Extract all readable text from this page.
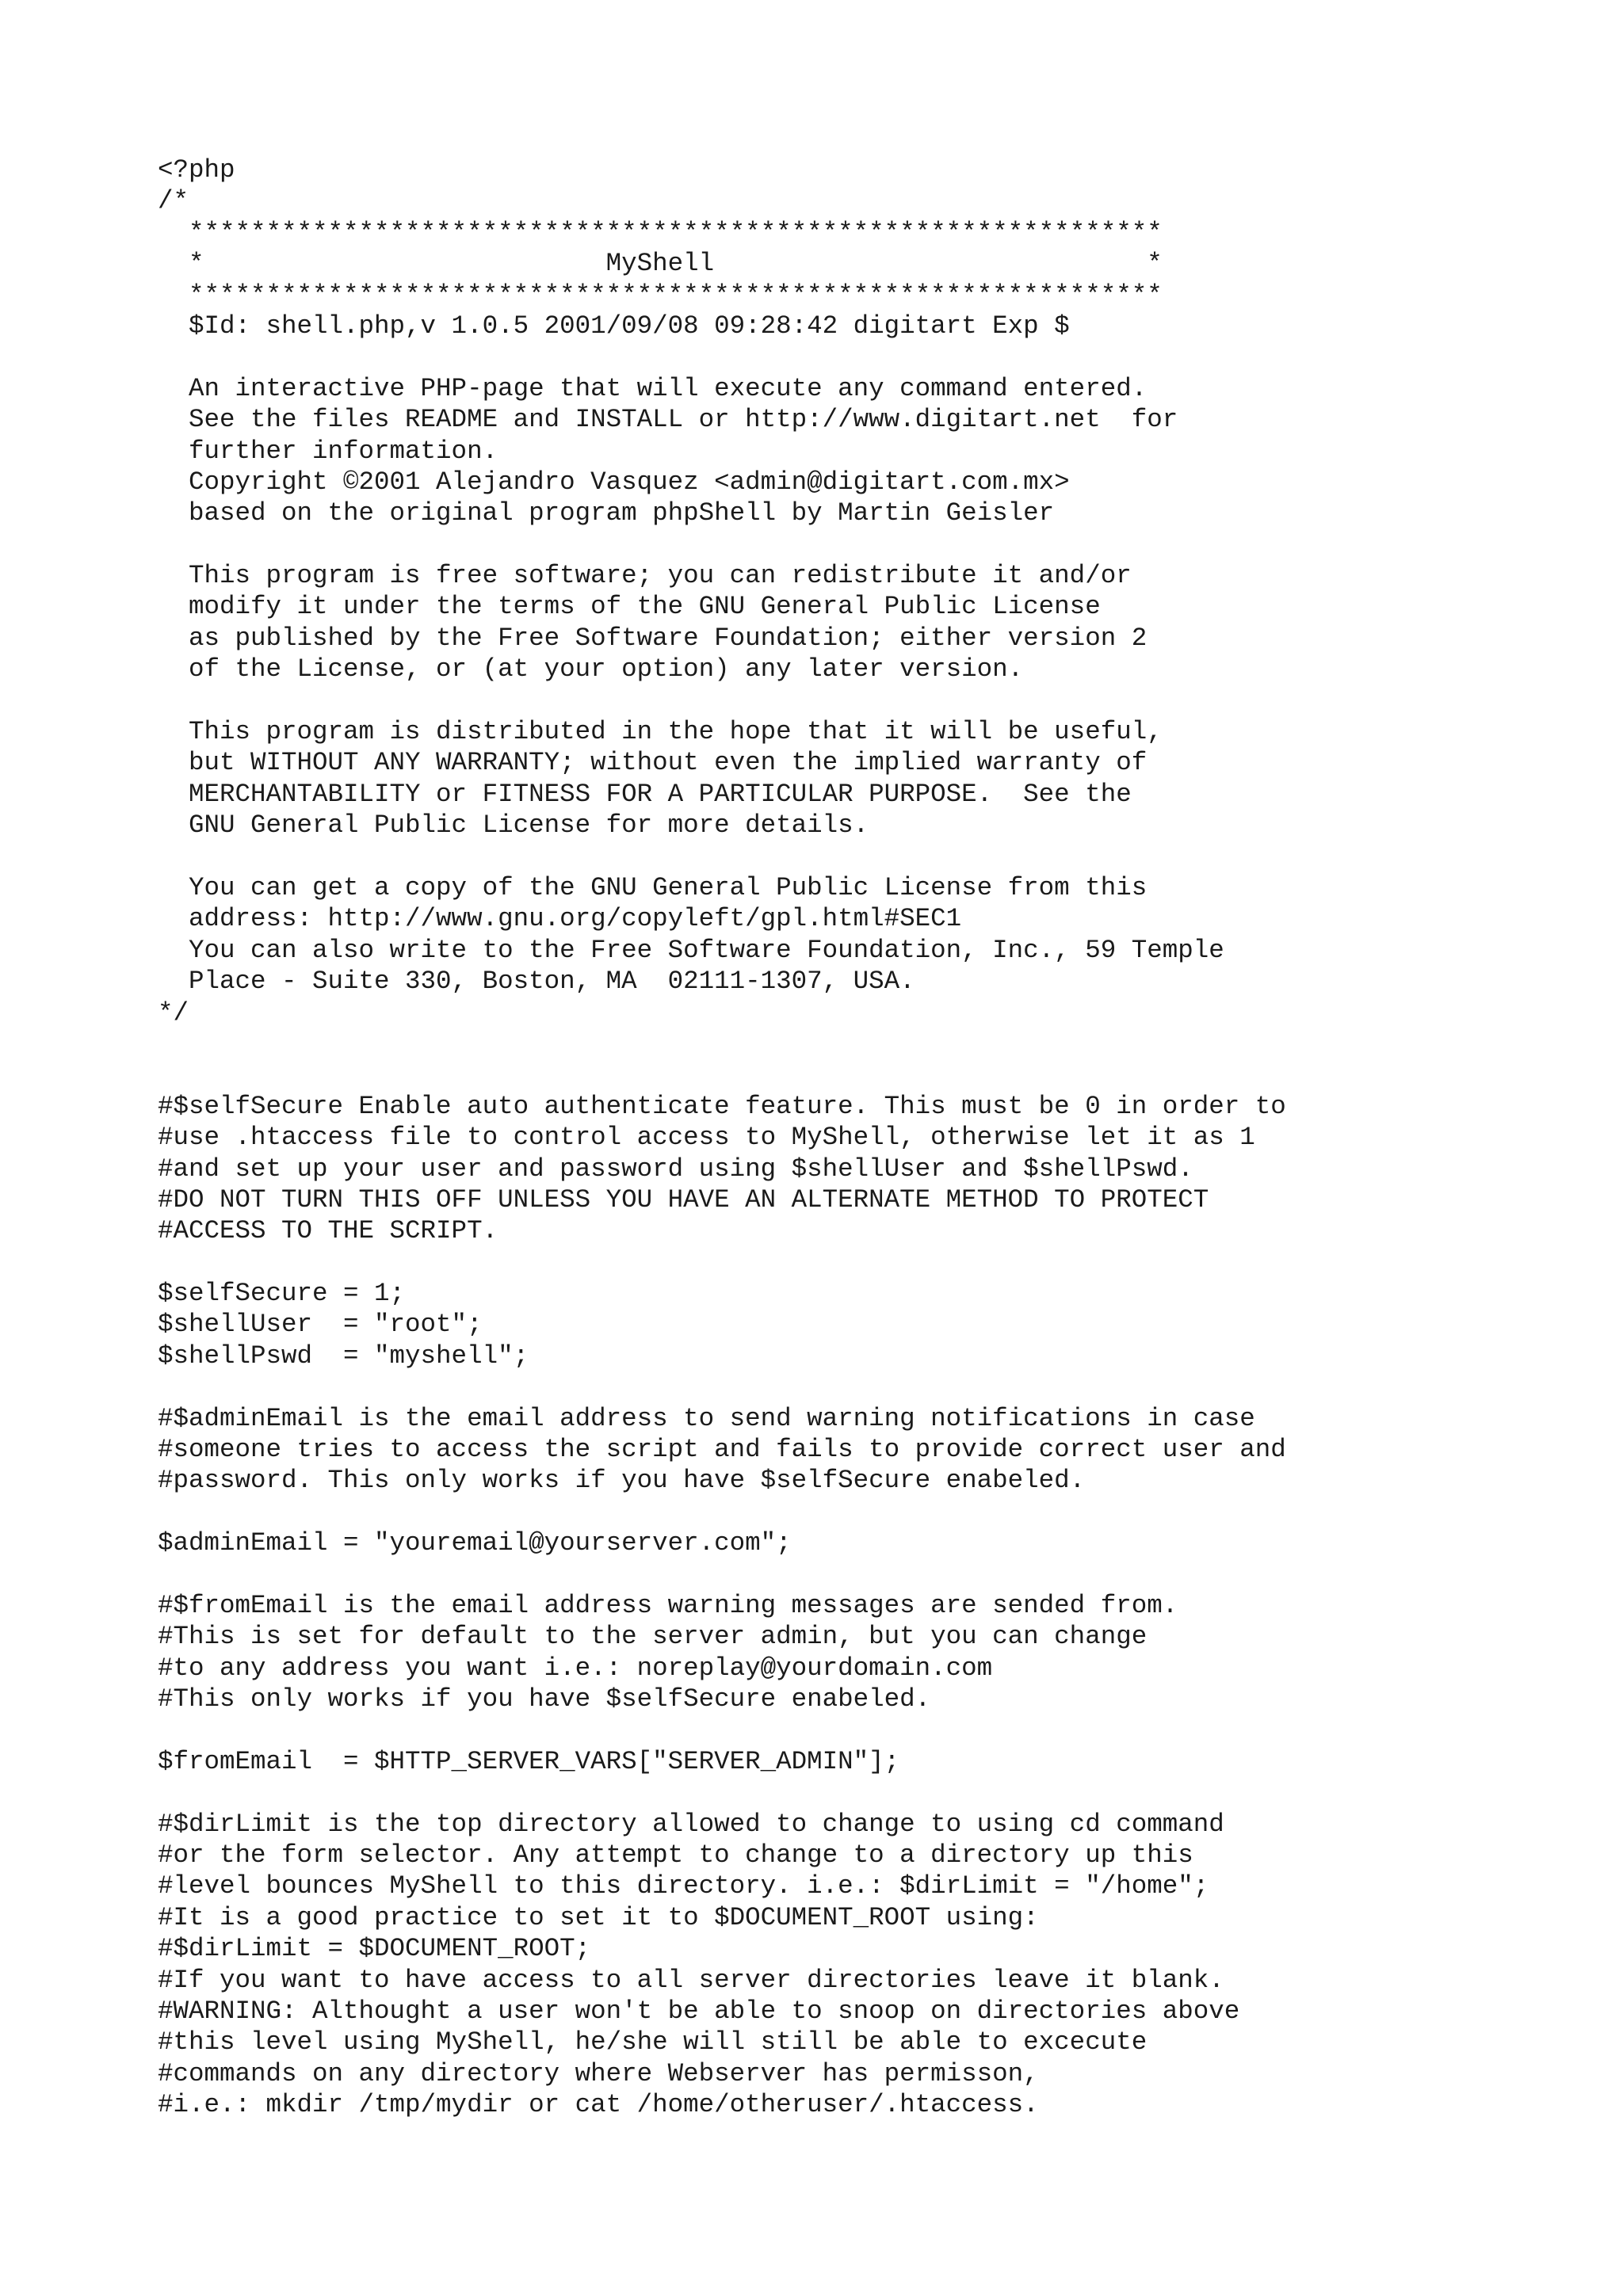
<?php
/*
***************************************************************
*                          MyShell                            *
***************************************************************
$Id: shell.php,v 1.0.5 2001/09/08 09:28:42 digitart Exp $

An interactive PHP-page that will execute any command entered.
See the files README and INSTALL or http://www.digitart.net  for
further information.
Copyright ©2001 Alejandro Vasquez <admin@digitart.com.mx>
based on the original program phpShell by Martin Geisler

This program is free software; you can redistribute it and/or
modify it under the terms of the GNU General Public License
as published by the Free Software Foundation; either version 2
of the License, or (at your option) any later version.

This program is distributed in the hope that it will be useful,
but WITHOUT ANY WARRANTY; without even the implied warranty of
MERCHANTABILITY or FITNESS FOR A PARTICULAR PURPOSE.  See the
GNU General Public License for more details.

You can get a copy of the GNU General Public License from this
address: http://www.gnu.org/copyleft/gpl.html#SEC1
You can also write to the Free Software Foundation, Inc., 59 Temple
Place - Suite 330, Boston, MA  02111-1307, USA.
*/

#$selfSecure Enable auto authenticate feature. This must be 0 in order to
#use .htaccess file to control access to MyShell, otherwise let it as 1
#and set up your user and password using $shellUser and $shellPswd.
#DO NOT TURN THIS OFF UNLESS YOU HAVE AN ALTERNATE METHOD TO PROTECT
#ACCESS TO THE SCRIPT.

$selfSecure = 1;
$shellUser  = "root";
$shellPswd  = "myshell";

#$adminEmail is the email address to send warning notifications in case
#someone tries to access the script and fails to provide correct user and
#password. This only works if you have $selfSecure enabeled.

$adminEmail = "youremail@yourserver.com";

#$fromEmail is the email address warning messages are sended from.
#This is set for default to the server admin, but you can change
#to any address you want i.e.: noreplay@yourdomain.com
#This only works if you have $selfSecure enabeled.

$fromEmail  = $HTTP_SERVER_VARS["SERVER_ADMIN"];

#$dirLimit is the top directory allowed to change to using cd command
#or the form selector. Any attempt to change to a directory up this
#level bounces MyShell to this directory. i.e.: $dirLimit = "/home";
#It is a good practice to set it to $DOCUMENT_ROOT using:
#$dirLimit = $DOCUMENT_ROOT;
#If you want to have access to all server directories leave it blank.
#WARNING: Althought a user won't be able to snoop on directories above
#this level using MyShell, he/she will still be able to excecute
#commands on any directory where Webserver has permisson,
#i.e.: mkdir /tmp/mydir or cat /home/otheruser/.htaccess.
